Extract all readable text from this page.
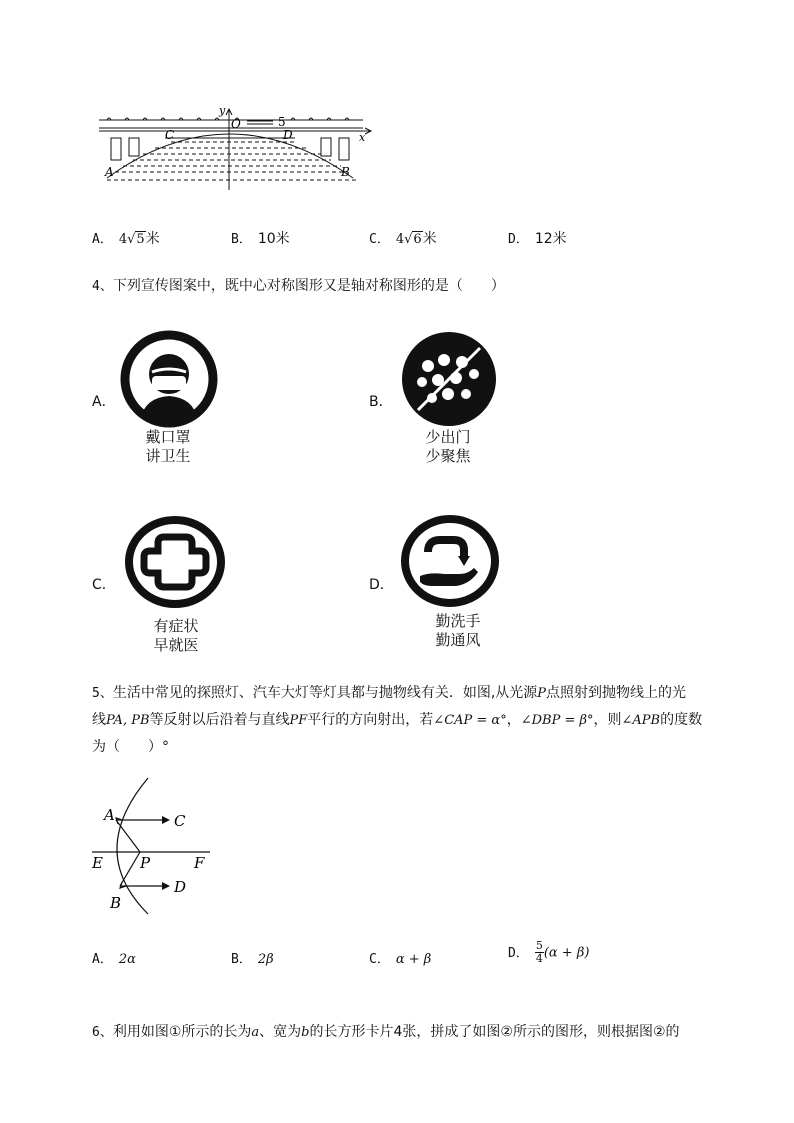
y
O	5
x
C	D
A	B
A． 4√5米	B． 10米	C． 4√6米	D． 12米
4、下列宣传图案中，既中心对称图形又是轴对称图形的是（　　）
A．
戴口罩
讲卫生
B．
少出门
少聚焦
C．
有症状
早就医
D．
勤洗手
勤通风
5、生活中常见的探照灯、汽车大灯等灯具都与抛物线有关．如图,从光源P点照射到抛物线上的光
线PA, PB等反射以后沿着与直线PF平行的方向射出，若∠CAP = α°，∠DBP = β°，则∠APB的度数
为（　　）°
A	C
E P	F
D
B
A． 2α	B． 2β	C． α + β	D． $\frac{5}{4} (\alpha + \beta)$
6、利用如图①所示的长为a、宽为b的长方形卡片4张，拼成了如图②所示的图形，则根据图②的
